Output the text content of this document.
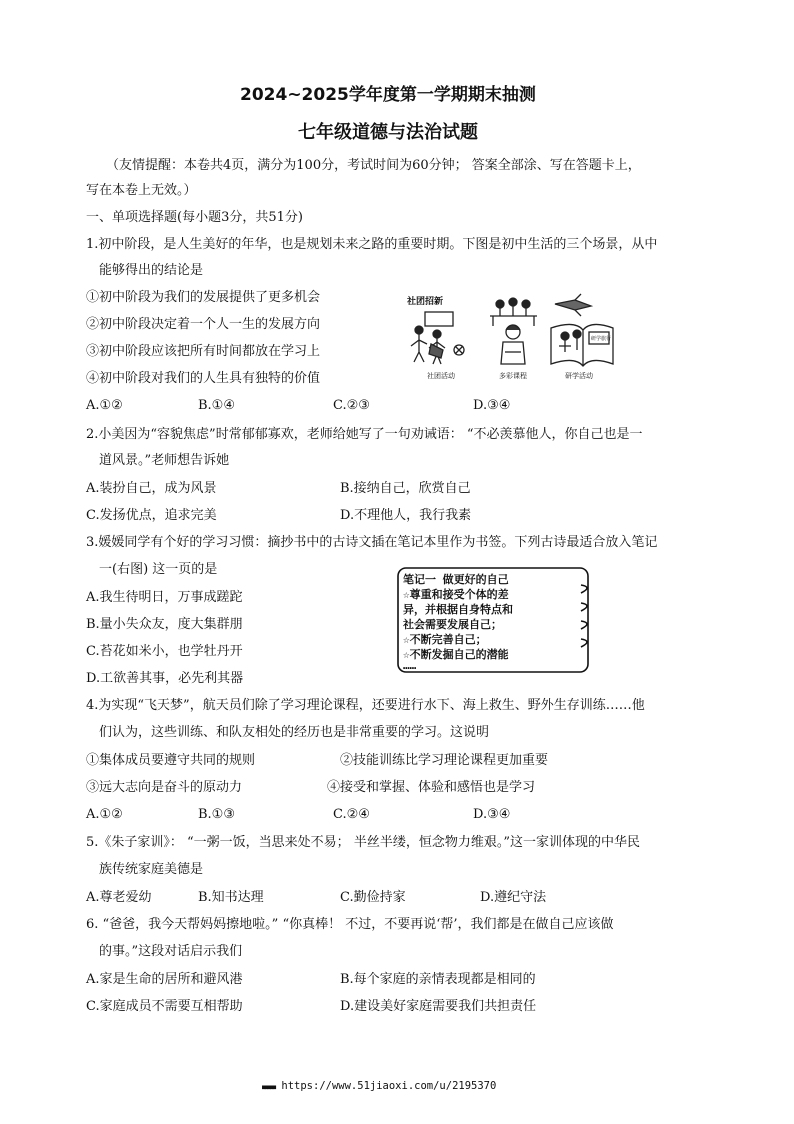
2024~2025学年度第一学期期末抽测
七年级道德与法治试题
（友情提醒：本卷共4页，满分为100分，考试时间为60分钟； 答案全部涂、写在答题卡上，
写在本卷上无效。）
一、单项选择题(每小题3分，共51分)
1.初中阶段，是人生美好的年华，也是规划未来之路的重要时期。下图是初中生活的三个场景，从中
能够得出的结论是
①初中阶段为我们的发展提供了更多机会
②初中阶段决定着一个人一生的发展方向
③初中阶段应该把所有时间都放在学习上
④初中阶段对我们的人生具有独特的价值
A.①②	B.①④	C.②③	D.③④
社团招新
研学旅行
社团活动	多彩课程	研学活动
2.小美因为“容貌焦虑”时常郁郁寡欢，老师给她写了一句劝诫语： “不必羡慕他人，你自己也是一
道风景。”老师想告诉她
A.装扮自己，成为风景	B.接纳自己，欣赏自己
C.发扬优点，追求完美	D.不理他人，我行我素
3.媛媛同学有个好的学习习惯：摘抄书中的古诗文插在笔记本里作为书签。下列古诗最适合放入笔记
一(右图) 这一页的是
A.我生待明日，万事成蹉跎
B.量小失众友，度大集群朋
C.苔花如米小，也学牡丹开
D.工欲善其事，必先利其器
笔记一 做更好的自己
☆尊重和接受个体的差
异，并根据自身特点和
社会需要发展自己；
☆不断完善自己；
☆不断发掘自己的潜能
……
4.为实现“飞天梦”，航天员们除了学习理论课程，还要进行水下、海上救生、野外生存训练……他
们认为，这些训练、和队友相处的经历也是非常重要的学习。这说明
①集体成员要遵守共同的规则	②技能训练比学习理论课程更加重要
③远大志向是奋斗的原动力	④接受和掌握、体验和感悟也是学习
A.①②	B.①③	C.②④	D.③④
5.《朱子家训》： “一粥一饭，当思来处不易； 半丝半缕，恒念物力维艰。”这一家训体现的中华民
族传统家庭美德是
A.尊老爱幼	B.知书达理	C.勤俭持家	D.遵纪守法
6. “爸爸，我今天帮妈妈擦地啦。” “你真棒！ 不过，不要再说‘帮’，我们都是在做自己应该做
的事。”这段对话启示我们
A.家是生命的居所和避风港	B.每个家庭的亲情表现都是相同的
C.家庭成员不需要互相帮助	D.建设美好家庭需要我们共担责任
■■■■■ https://www.51jiaoxi.com/u/2195370
